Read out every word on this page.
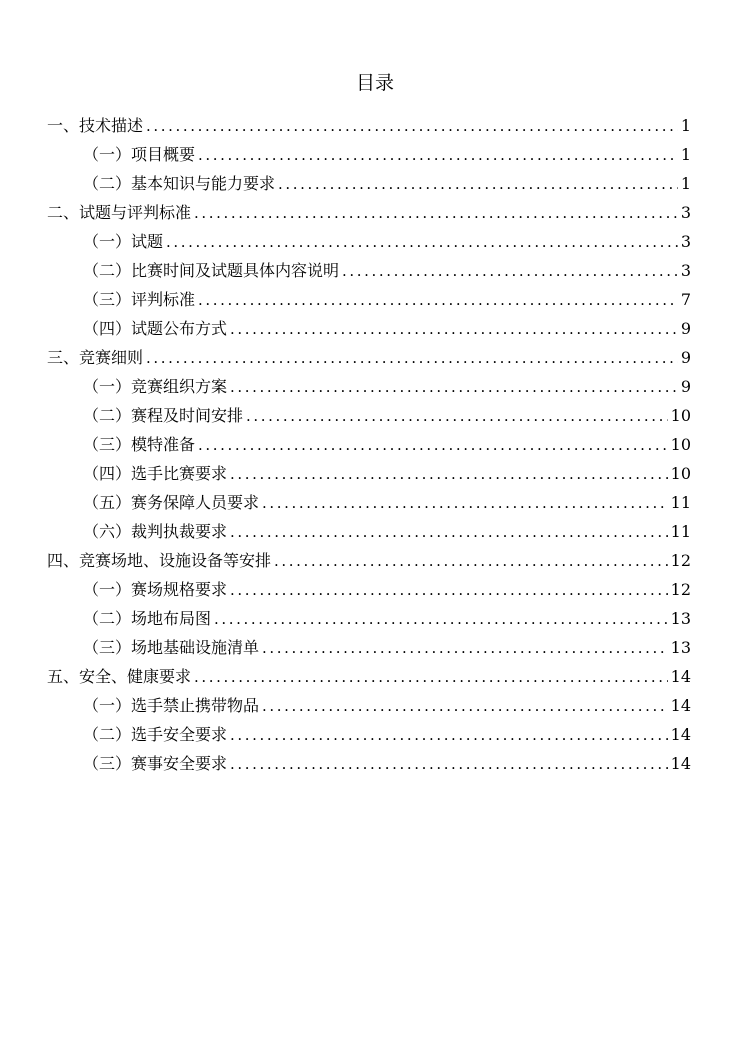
目录
一、技术描述 .....	1
（一）项目概要 .....	1
（二）基本知识与能力要求 .....	1
二、试题与评判标准 .....	3
（一）试题 .....	3
（二）比赛时间及试题具体内容说明 .....	3
（三）评判标准 .....	7
（四）试题公布方式 .....	9
三、竞赛细则 .....	9
（一）竞赛组织方案 .....	9
（二）赛程及时间安排 .....	10
（三）模特准备 .....	10
（四）选手比赛要求 .....	10
（五）赛务保障人员要求 .....	11
（六）裁判执裁要求 .....	11
四、竞赛场地、设施设备等安排 .....	12
（一）赛场规格要求 .....	12
（二）场地布局图 .....	13
（三）场地基础设施清单 .....	13
五、安全、健康要求 .....	14
（一）选手禁止携带物品 .....	14
（二）选手安全要求 .....	14
（三）赛事安全要求 .....	14
